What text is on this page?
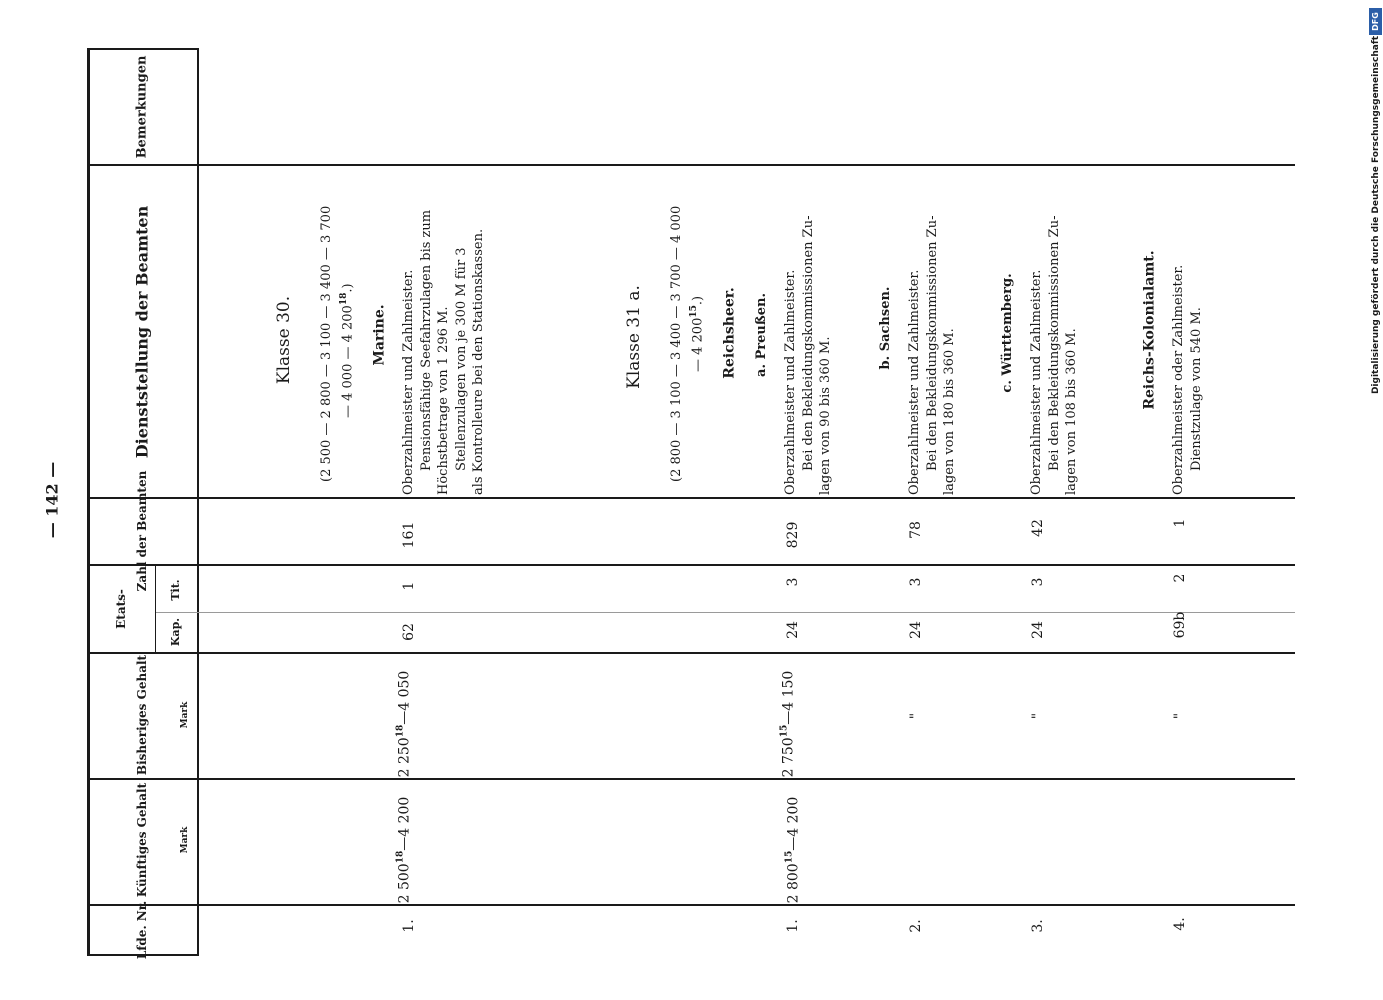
— 142 —
Bemerkungen
Dienststellung der Beamten
Zahl der Beamten
Etats-
Kap.
Tit.
Bisheriges Gehalt	Mark
Künftiges Gehalt	Mark
Lfde. Nr.
Klasse 30. (2 500 — 2 800 — 3 100 — 3 400 — 3 700 — 4 000 — 4 $200^{18}$.)
Marine. Oberzahlmeister und Zahlmeister. Pensionsfähige Seefahrzulagen bis zum Höchstbetrage von 1 296 M. Stellenzulagen von je 300 M für 3 als Kontrolleure bei den Stationskassen.
1.
2 $500^{18}—4$ 200
2 $250^{18}—4$ 050
62
1
161
Klasse 31 a. (2 800 — 3 100 — 3 400 — 3 700 — 4 000 — 4 $200^{15}$.) Reichsheer.
2 $800^{15}—4$ 200
a. Preußen. Oberzahlmeister und Zahlmeister. Bei den Bekleidungskommissionen Zu- lagen von 90 bis 360 M.
1.
2 $750^{15}—4$ 150
24
3
829
b. Sachsen. Oberzahlmeister und Zahlmeister. Bei den Bekleidungskommissionen Zu- lagen von 180 bis 360 M.
2.
"
24
3
78
c. Württemberg. Oberzahlmeister und Zahlmeister. Bei den Bekleidungskommissionen Zu- lagen von 108 bis 360 M.
3.
"
24
3
42
Reichs-Kolonialamt. Oberzahlmeister oder Zahlmeister. Dienstzulage von 540 M.
4.
"
69b
2
1
Digitalisierung gefördert durch die Deutsche Forschungsgemeinschaft
DFG
